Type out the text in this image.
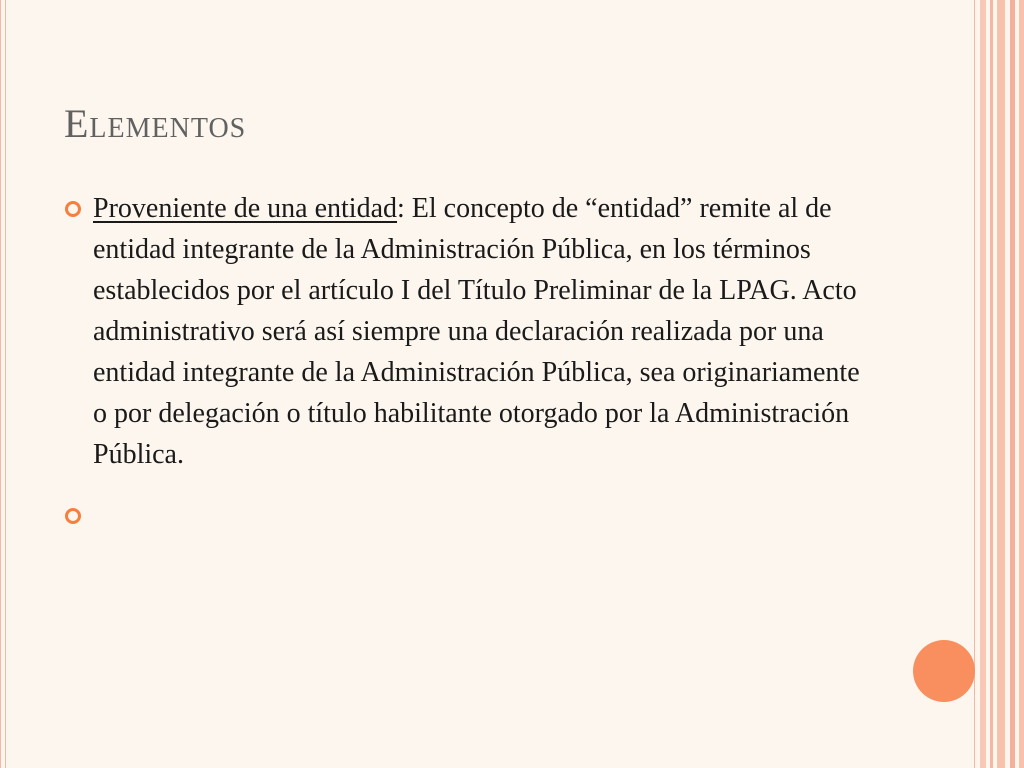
Elementos
Proveniente de una entidad: El concepto de “entidad” remite al de entidad integrante de la Administración Pública, en los términos establecidos por el artículo I del Título Preliminar de la LPAG. Acto administrativo será así siempre una declaración realizada por una entidad integrante de la Administración Pública, sea originariamente o por delegación o título habilitante otorgado por la Administración Pública.
